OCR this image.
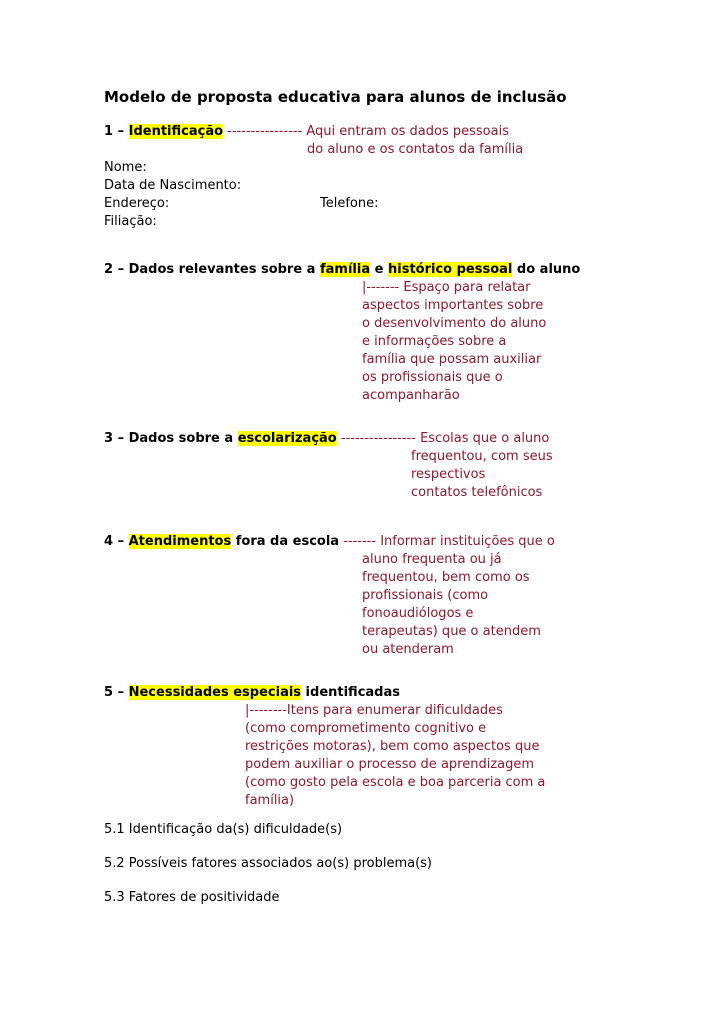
Modelo de proposta educativa para alunos de inclusão
1 – Identificação ---------------- Aqui entram os dados pessoais
do aluno e os contatos da família
Nome:
Data de Nascimento:
Endereço:	Telefone:
Filiação:
2 – Dados relevantes sobre a família e histórico pessoal do aluno
|------- Espaço para relatar
aspectos importantes sobre
o desenvolvimento do aluno
e informações sobre a
família que possam auxiliar
os profissionais que o
acompanharão
3 – Dados sobre a escolarização ---------------- Escolas que o aluno
frequentou, com seus
respectivos
contatos telefônicos
4 – Atendimentos fora da escola ------- Informar instituições que o
aluno frequenta ou já
frequentou, bem como os
profissionais (como
fonoaudiólogos e
terapeutas) que o atendem
ou atenderam
5 – Necessidades especiais identificadas
|--------Itens para enumerar dificuldades
(como comprometimento cognitivo e
restrições motoras), bem como aspectos que
podem auxiliar o processo de aprendizagem
(como gosto pela escola e boa parceria com a
família)
5.1 Identificação da(s) dificuldade(s)
5.2 Possíveis fatores associados ao(s) problema(s)
5.3 Fatores de positividade
